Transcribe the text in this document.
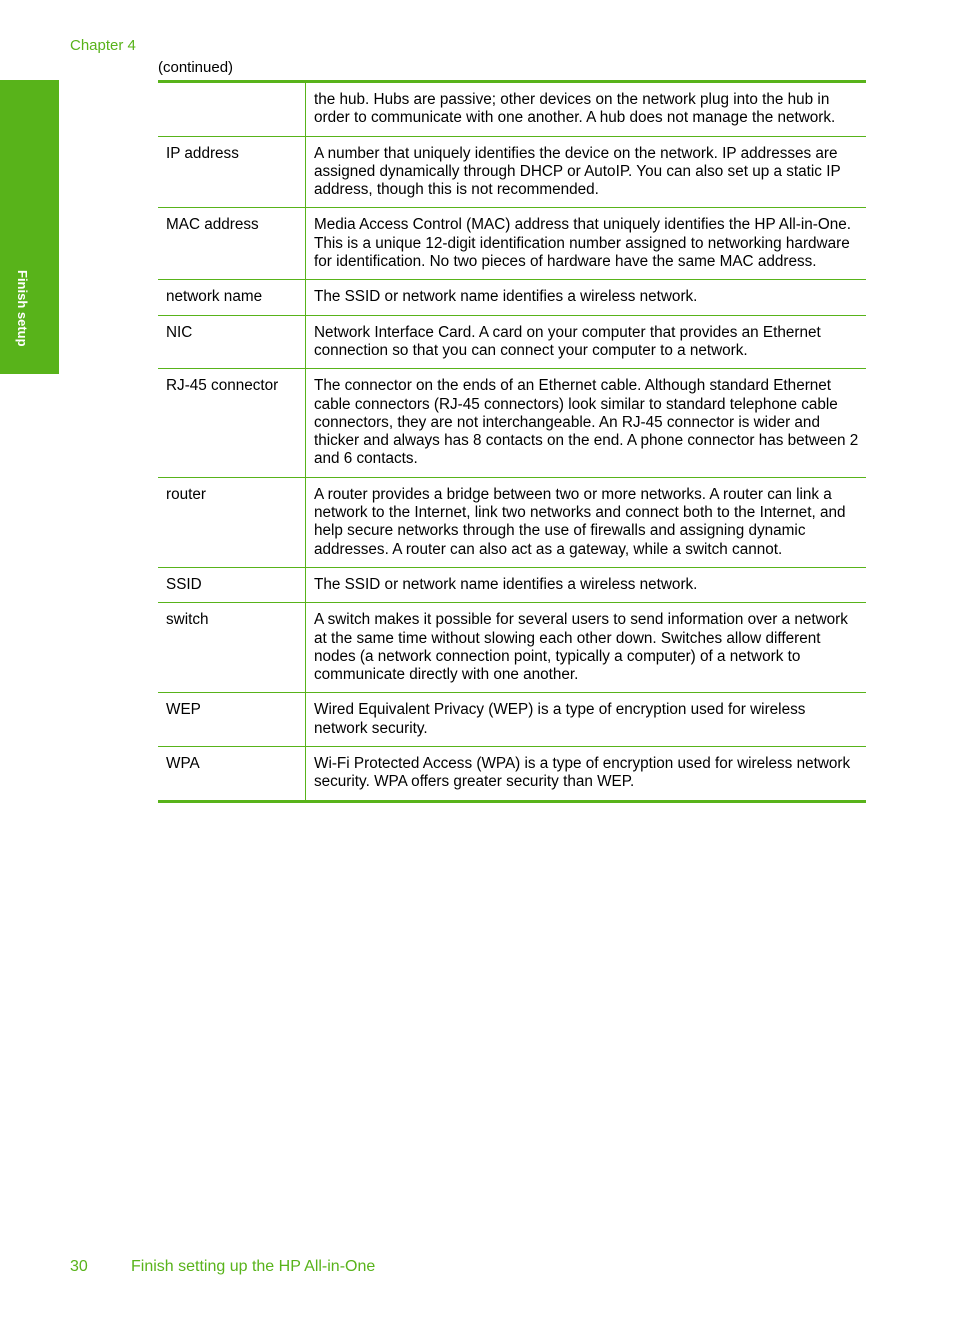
Chapter 4
(continued)
Finish setup
	the hub. Hubs are passive; other devices on the network plug into the hub in order to communicate with one another. A hub does not manage the network.
IP address	A number that uniquely identifies the device on the network. IP addresses are assigned dynamically through DHCP or AutoIP. You can also set up a static IP address, though this is not recommended.
MAC address	Media Access Control (MAC) address that uniquely identifies the HP All-in-One. This is a unique 12-digit identification number assigned to networking hardware for identification. No two pieces of hardware have the same MAC address.
network name	The SSID or network name identifies a wireless network.
NIC	Network Interface Card. A card on your computer that provides an Ethernet connection so that you can connect your computer to a network.
RJ-45 connector	The connector on the ends of an Ethernet cable. Although standard Ethernet cable connectors (RJ-45 connectors) look similar to standard telephone cable connectors, they are not interchangeable. An RJ-45 connector is wider and thicker and always has 8 contacts on the end. A phone connector has between 2 and 6 contacts.
router	A router provides a bridge between two or more networks. A router can link a network to the Internet, link two networks and connect both to the Internet, and help secure networks through the use of firewalls and assigning dynamic addresses. A router can also act as a gateway, while a switch cannot.
SSID	The SSID or network name identifies a wireless network.
switch	A switch makes it possible for several users to send information over a network at the same time without slowing each other down. Switches allow different nodes (a network connection point, typically a computer) of a network to communicate directly with one another.
WEP	Wired Equivalent Privacy (WEP) is a type of encryption used for wireless network security.
WPA	Wi-Fi Protected Access (WPA) is a type of encryption used for wireless network security. WPA offers greater security than WEP.
30	Finish setting up the HP All-in-One
